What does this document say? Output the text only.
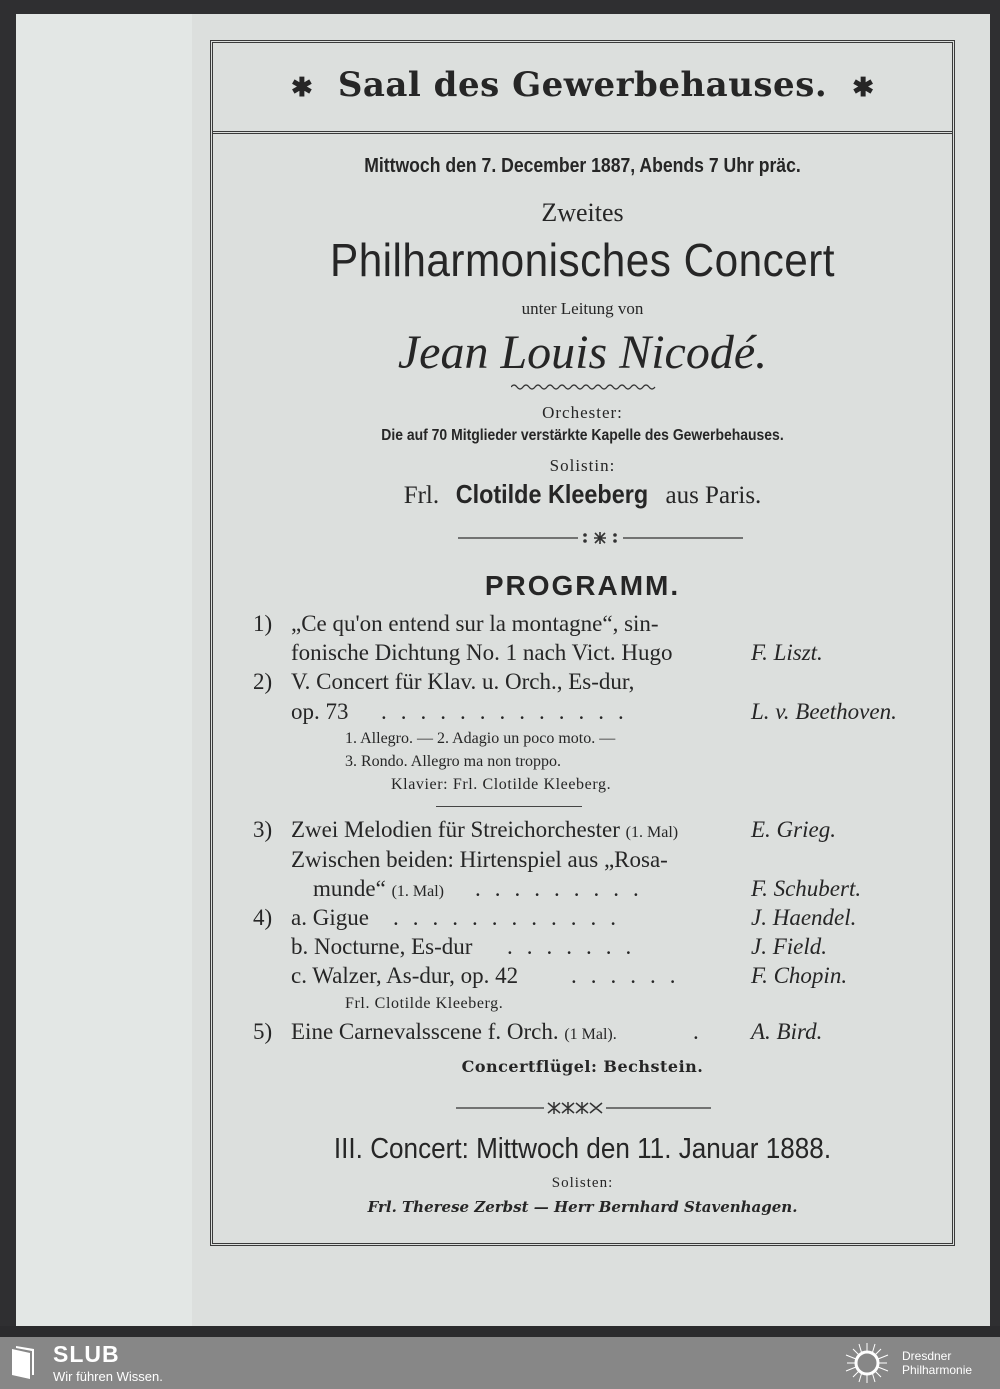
✱ Saal des Gewerbehauses. ✱
Mittwoch den 7. December 1887, Abends 7 Uhr präc.
Zweites
Philharmonisches Concert
unter Leitung von
Jean Louis Nicodé.
Orchester:
Die auf 70 Mitglieder verstärkte Kapelle des Gewerbehauses.
Solistin:
Frl. Clotilde Kleeberg aus Paris.
PROGRAMM.
1) „Ce qu'on entend sur la montagne“, sin-
fonische Dichtung No. 1 nach Vict. Hugo	F. Liszt.
2) V. Concert für Klav. u. Orch., Es-dur,
op. 73 .............	L. v. Beethoven.
1. Allegro. — 2. Adagio un poco moto. —
3. Rondo. Allegro ma non troppo.
Klavier: Frl. Clotilde Kleeberg.
3) Zwei Melodien für Streichorchester (1. Mal)	E. Grieg.
Zwischen beiden: Hirtenspiel aus „Rosa-
munde“ (1. Mal) .........	F. Schubert.
4) a. Gigue ............	J. Haendel.
b. Nocturne, Es-dur .......	J. Field.
c. Walzer, As-dur, op. 42 ......	F. Chopin.
Frl. Clotilde Kleeberg.
5) Eine Carnevalsscene f. Orch. (1 Mal).	. A. Bird.
Concertflügel: Bechstein.
III. Concert: Mittwoch den 11. Januar 1888.
Solisten:
Frl. Therese Zerbst — Herr Bernhard Stavenhagen.
SLUB
Wir führen Wissen.
Dresdner
Philharmonie
